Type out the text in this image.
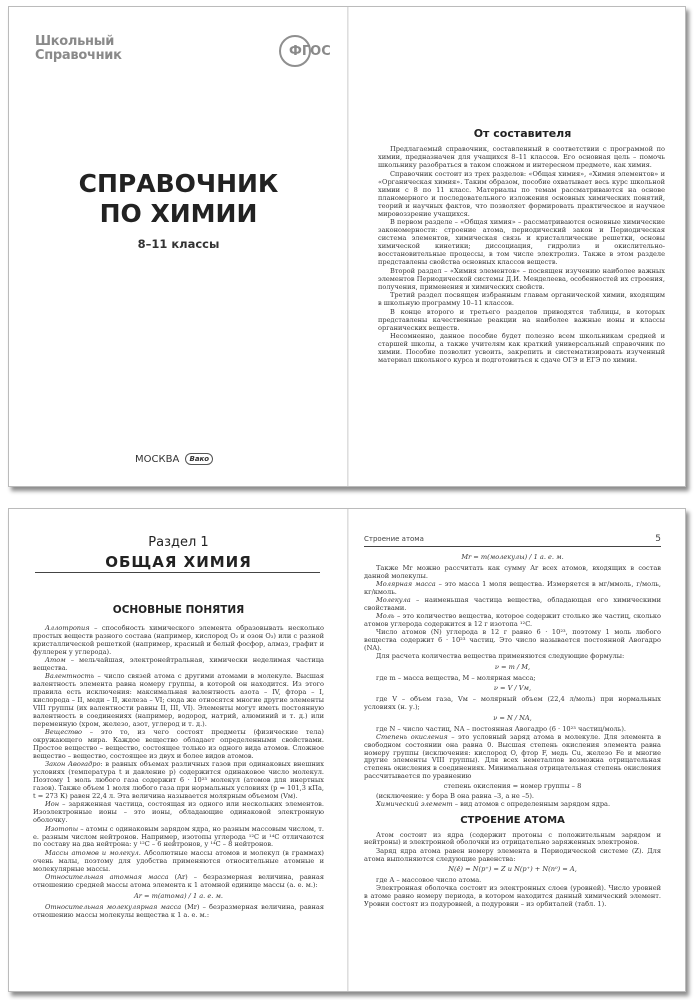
Школьный
Справочник	ФГОС
СПРАВОЧНИК
ПО ХИМИИ
8–11 классы
МОСКВА Вако
От составителя

Предлагаемый справочник, составленный в соответствии с программой по химии, предназначен для учащихся 8–11 классов. Его основная цель – помочь школьнику разобраться в таком сложном и интересном предмете, как химия.

Справочник состоит из трех разделов: «Общая химия», «Химия элементов» и «Органическая химия». Таким образом, пособие охватывает весь курс школьной химии с 8 по 11 класс. Материалы по темам рассматриваются на основе планомерного и последовательного изложения основных химических понятий, теорий и научных фактов, что позволяет формировать практическое и научное мировоззрение учащихся.

В первом разделе – «Общая химия» – рассматриваются основные химические закономерности: строение атома, периодический закон и Периодическая система элементов, химическая связь и кристаллические решетки, основы химической кинетики; диссоциация, гидролиз и окислительно-восстановительные процессы, в том числе электролиз. Также в этом разделе представлены свойства основных классов веществ.

Второй раздел – «Химия элементов» – посвящен изучению наиболее важных элементов Периодической системы Д.И. Менделеева, особенностей их строения, получения, применения и химических свойств.

Третий раздел посвящен избранным главам органической химии, входящим в школьную программу 10–11 классов.

В конце второго и третьего разделов приводятся таблицы, в которых представлены качественные реакции на наиболее важные ионы и классы органических веществ.

Несомненно, данное пособие будет полезно всем школьникам средней и старшей школы, а также учителям как краткий универсальный справочник по химии. Пособие позволит усвоить, закрепить и систематизировать изученный материал школьного курса и подготовиться к сдаче ОГЭ и ЕГЭ по химии.

Раздел 1
ОБЩАЯ ХИМИЯ
ОСНОВНЫЕ ПОНЯТИЯ

Аллотропия – способность химического элемента образовывать несколько простых веществ разного состава (например, кислород O₂ и озон O₃) или с разной кристаллической решеткой (например, красный и белый фосфор, алмаз, графит и фуллерен у углерода).

Атом – мельчайшая, электронейтральная, химически неделимая частица вещества.

Валентность – число связей атома с другими атомами в молекуле. Высшая валентность элемента равна номеру группы, в которой он находится. Из этого правила есть исключения: максимальная валентность азота – IV, фтора – I, кислорода – II, меди – II, железа – VI; сюда же относятся многие другие элементы VIII группы (их валентности равны II, III, VI). Элементы могут иметь постоянную валентность в соединениях (например, водород, натрий, алюминий и т. д.) или переменную (хром, железо, азот, углерод и т. д.).

Вещество – это то, из чего состоят предметы (физические тела) окружающего мира. Каждое вещество обладает определенными свойствами. Простое вещество – вещество, состоящее только из одного вида атомов. Сложное вещество – вещество, состоящее из двух и более видов атомов.

Закон Авогадро: в равных объемах различных газов при одинаковых внешних условиях (температура t и давление p) содержится одинаковое число молекул. Поэтому 1 моль любого газа содержит 6 · 10²³ молекул (атомов для инертных газов). Также объем 1 моля любого газа при нормальных условиях (p = 101,3 кПа, t = 273 К) равен 22,4 л. Эта величина называется молярным объемом (Vм).

Ион – заряженная частица, состоящая из одного или нескольких элементов. Изоэлектронные ионы – это ионы, обладающие одинаковой электронную оболочку.

Изотопы – атомы с одинаковым зарядом ядра, но разным массовым числом, т. е. разным числом нейтронов. Например, изотопы углерода ¹²C и ¹⁴C отличаются по составу на два нейтрона: у ¹²C – 6 нейтронов, у ¹⁴C – 8 нейтронов.

Массы атомов и молекул. Абсолютные массы атомов и молекул (в граммах) очень малы, поэтому для удобства применяются относительные атомные и молекулярные массы.

Относительная атомная масса (Ar) – безразмерная величина, равная отношению средней массы атома элемента к 1 атомной единице массы (а. е. м.):

Ar = m(атома) / 1 а. е. м.

Относительная молекулярная масса (Mr) – безразмерная величина, равная отношению массы молекулы вещества к 1 а. е. м.:

Строение атома	5

Mr = m(молекулы) / 1 а. е. м.

Также Mr можно рассчитать как сумму Ar всех атомов, входящих в состав данной молекулы.

Молярная масса – это масса 1 моля вещества. Измеряется в мг/ммоль, г/моль, кг/кмоль.

Молекула – наименьшая частица вещества, обладающая его химическими свойствами.

Моль – это количество вещества, которое содержит столько же частиц, сколько атомов углерода содержится в 12 г изотопа ¹²C.

Число атомов (N) углерода в 12 г равно 6 · 10²³, поэтому 1 моль любого вещества содержит 6 · 10²³ частиц. Это число называется постоянной Авогадро (NA).

Для расчета количества вещества применяются следующие формулы:

ν = m / M,

где m – масса вещества, M – молярная масса;

ν = V / Vм,

где V – объем газа, Vм – молярный объем (22,4 л/моль) при нормальных условиях (н. у.);

ν = N / NA,

где N – число частиц, NA – постоянная Авогадро (6 · 10²³ частиц/моль).

Степень окисления – это условный заряд атома в молекуле. Для элемента в свободном состоянии она равна 0. Высшая степень окисления элемента равна номеру группы (исключения: кислород O, фтор F, медь Cu, железо Fe и многие другие элементы VIII группы). Для всех неметаллов возможна отрицательная степень окисления в соединениях. Минимальная отрицательная степень окисления рассчитывается по уравнению

степень окисления = номер группы – 8

(исключение: у бора B она равна –3, а не –5).

Химический элемент – вид атомов с определенным зарядом ядра.

СТРОЕНИЕ АТОМА

Атом состоит из ядра (содержит протоны с положительным зарядом и нейтроны) и электронной оболочки из отрицательно заряженных электронов.

Заряд ядра атома равен номеру элемента в Периодической системе (Z). Для атома выполняются следующие равенства:

N(ē) = N(p⁺) = Z и N(p⁺) + N(n⁰) = A,

где A – массовое число атома.

Электронная оболочка состоит из электронных слоев (уровней). Число уровней в атоме равно номеру периода, в котором находится данный химический элемент. Уровни состоят из подуровней, а подуровни – из орбиталей (табл. 1).
